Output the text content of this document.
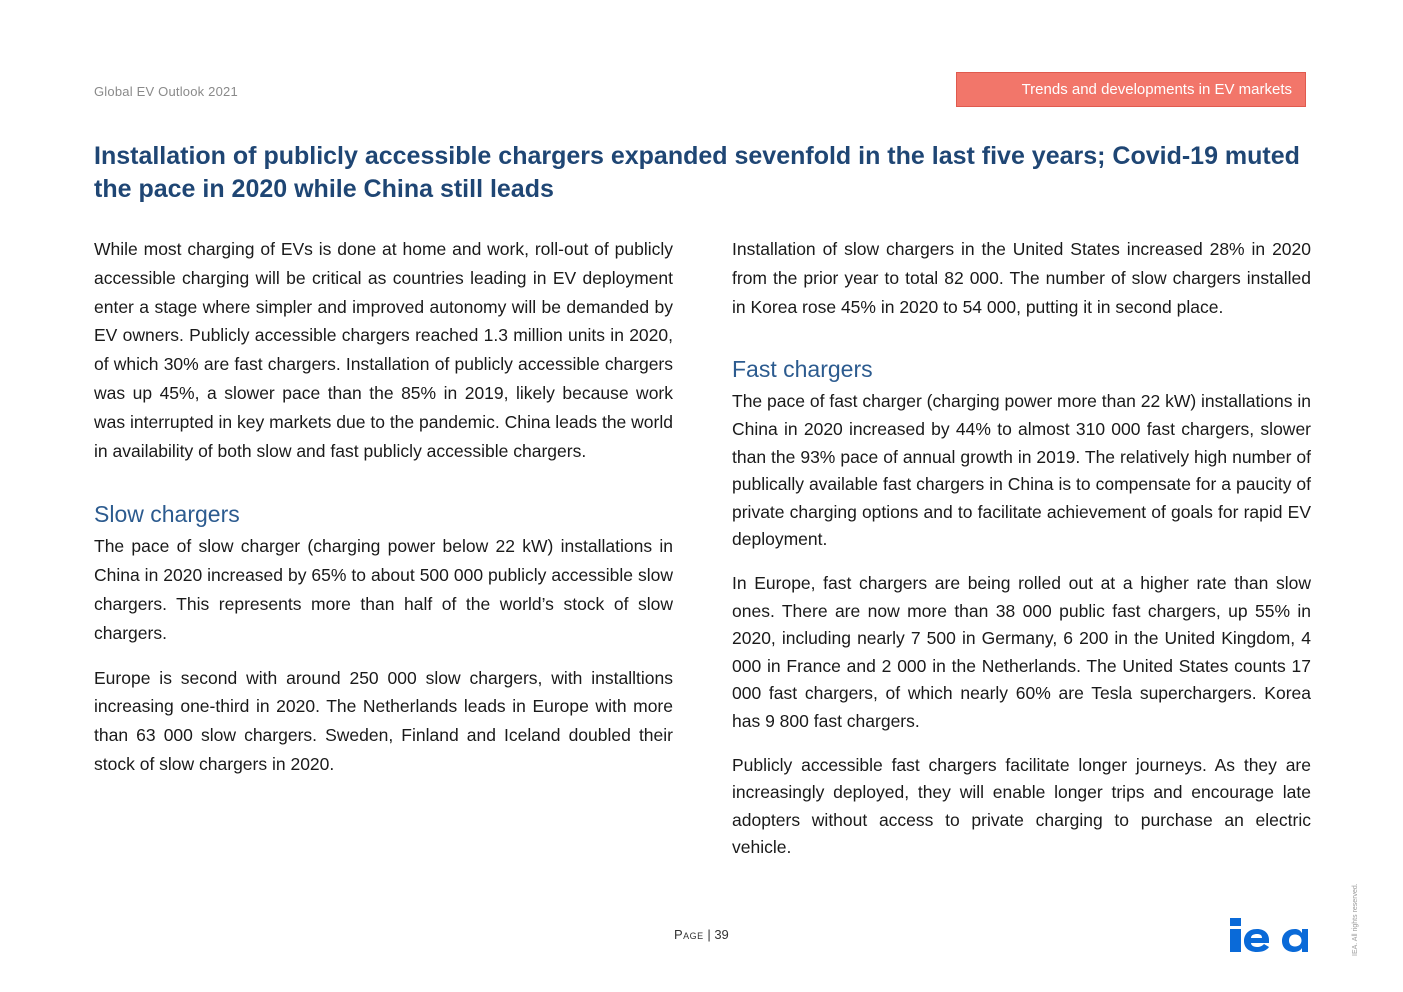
Global EV Outlook 2021	Trends and developments in EV markets
Installation of publicly accessible chargers expanded sevenfold in the last five years; Covid-19 muted the pace in 2020 while China still leads

While most charging of EVs is done at home and work, roll-out of publicly accessible charging will be critical as countries leading in EV deployment enter a stage where simpler and improved autonomy will be demanded by EV owners. Publicly accessible chargers reached 1.3 million units in 2020, of which 30% are fast chargers. Installation of publicly accessible chargers was up 45%, a slower pace than the 85% in 2019, likely because work was interrupted in key markets due to the pandemic. China leads the world in availability of both slow and fast publicly accessible chargers.

Slow chargers

The pace of slow charger (charging power below 22 kW) installations in China in 2020 increased by 65% to about 500 000 publicly accessible slow chargers. This represents more than half of the world’s stock of slow chargers.

Europe is second with around 250 000 slow chargers, with installtions increasing one-third in 2020. The Netherlands leads in Europe with more than 63 000 slow chargers. Sweden, Finland and Iceland doubled their stock of slow chargers in 2020.

Installation of slow chargers in the United States increased 28% in 2020 from the prior year to total 82 000. The number of slow chargers installed in Korea rose 45% in 2020 to 54 000, putting it in second place.

Fast chargers

The pace of fast charger (charging power more than 22 kW) installations in China in 2020 increased by 44% to almost 310 000 fast chargers, slower than the 93% pace of annual growth in 2019. The relatively high number of publically available fast chargers in China is to compensate for a paucity of private charging options and to facilitate achievement of goals for rapid EV deployment.

In Europe, fast chargers are being rolled out at a higher rate than slow ones. There are now more than 38 000 public fast chargers, up 55% in 2020, including nearly 7 500 in Germany, 6 200 in the United Kingdom, 4 000 in France and 2 000 in the Netherlands. The United States counts 17 000 fast chargers, of which nearly 60% are Tesla superchargers. Korea has 9 800 fast chargers.

Publicly accessible fast chargers facilitate longer journeys. As they are increasingly deployed, they will enable longer trips and encourage late adopters without access to private charging to purchase an electric vehicle.

Page | 39	IEA. All rights reserved.
